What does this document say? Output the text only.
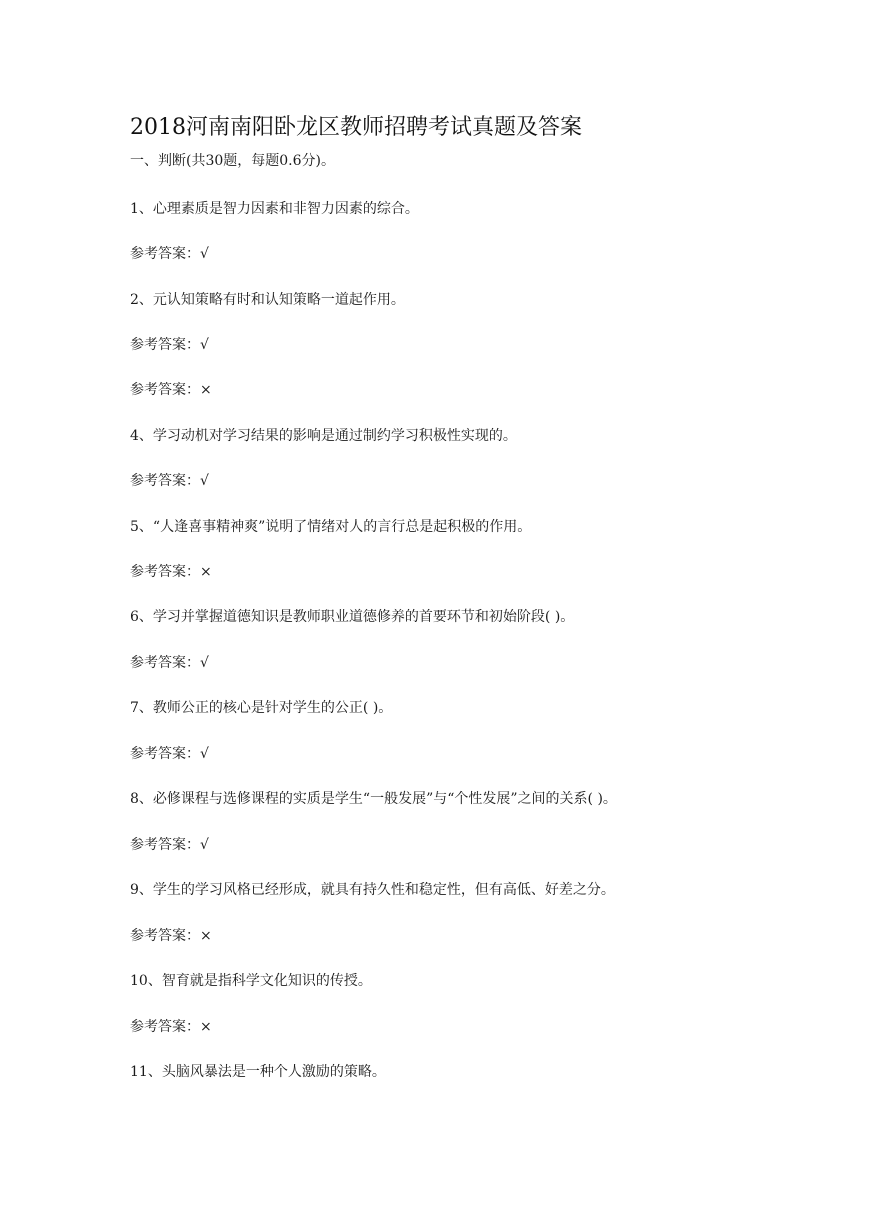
2018河南南阳卧龙区教师招聘考试真题及答案
一、判断(共30题，每题0.6分)。
1、心理素质是智力因素和非智力因素的综合。
参考答案：√
2、元认知策略有时和认知策略一道起作用。
参考答案：√
参考答案：×
4、学习动机对学习结果的影响是通过制约学习积极性实现的。
参考答案：√
5、“人逢喜事精神爽”说明了情绪对人的言行总是起积极的作用。
参考答案：×
6、学习并掌握道德知识是教师职业道德修养的首要环节和初始阶段( )。
参考答案：√
7、教师公正的核心是针对学生的公正( )。
参考答案：√
8、必修课程与选修课程的实质是学生“一般发展”与“个性发展”之间的关系( )。
参考答案：√
9、学生的学习风格已经形成，就具有持久性和稳定性，但有高低、好差之分。
参考答案：×
10、智育就是指科学文化知识的传授。
参考答案：×
11、头脑风暴法是一种个人激励的策略。
